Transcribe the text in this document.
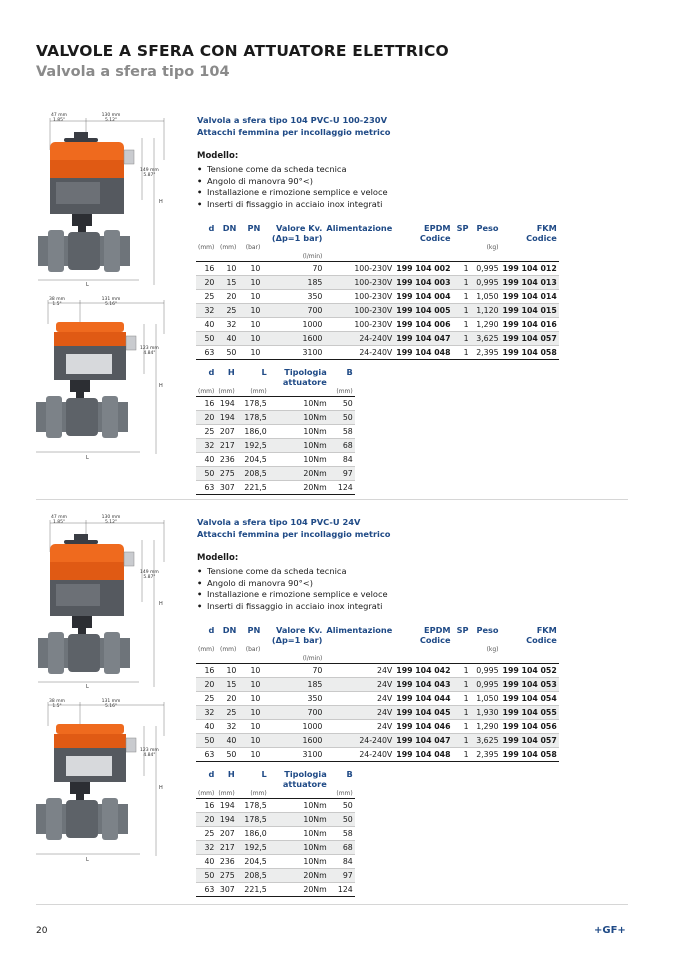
VALVOLE A SFERA CON ATTUATORE ELETTRICO
Valvola a sfera tipo 104
47 mm
1.85"
130 mm
5.12"
38 mm
1.5"
131 mm
5.16"
149 mm
5.87"
123 mm
4.84"
H
H
L
L
Valvola a sfera tipo 104 PVC-U 100-230V
Attacchi femmina per incollaggio metrico
Modello:
• Tensione come da scheda tecnica
• Angolo di manovra 90°<)
• Installazione e rimozione semplice e veloce
• Inserti di fissaggio in acciaio inox integrati
d	DN	PN	Valore Kv.	Alimentazione	EPDM	SP	Peso	FKM
			(Δp=1 bar)		Codice			Codice
(mm)	(mm)	(bar)					(kg)	
			(l/min)					
16	10	10	70	100-230V	199 104 002	1	0,995	199 104 012
20	15	10	185	100-230V	199 104 003	1	0,995	199 104 013
25	20	10	350	100-230V	199 104 004	1	1,050	199 104 014
32	25	10	700	100-230V	199 104 005	1	1,120	199 104 015
40	32	10	1000	100-230V	199 104 006	1	1,290	199 104 016
50	40	10	1600	24-240V	199 104 047	1	3,625	199 104 057
63	50	10	3100	24-240V	199 104 048	1	2,395	199 104 058
d	H	L	Tipologia	B
			attuatore	
(mm)	(mm)	(mm)		(mm)
16	194	178,5	10Nm	50
20	194	178,5	10Nm	50
25	207	186,0	10Nm	58
32	217	192,5	10Nm	68
40	236	204,5	10Nm	84
50	275	208,5	20Nm	97
63	307	221,5	20Nm	124
47 mm
1.85"
130 mm
5.12"
38 mm
1.5"
131 mm
5.16"
149 mm
5.87"
123 mm
4.84"
H
H
L
L
Valvola a sfera tipo 104 PVC-U 24V
Attacchi femmina per incollaggio metrico
Modello:
• Tensione come da scheda tecnica
• Angolo di manovra 90°<)
• Installazione e rimozione semplice e veloce
• Inserti di fissaggio in acciaio inox integrati
d	DN	PN	Valore Kv.	Alimentazione	EPDM	SP	Peso	FKM
			(Δp=1 bar)		Codice			Codice
(mm)	(mm)	(bar)					(kg)	
			(l/min)					
16	10	10	70	24V	199 104 042	1	0,995	199 104 052
20	15	10	185	24V	199 104 043	1	0,995	199 104 053
25	20	10	350	24V	199 104 044	1	1,050	199 104 054
32	25	10	700	24V	199 104 045	1	1,930	199 104 055
40	32	10	1000	24V	199 104 046	1	1,290	199 104 056
50	40	10	1600	24-240V	199 104 047	1	3,625	199 104 057
63	50	10	3100	24-240V	199 104 048	1	2,395	199 104 058
d	H	L	Tipologia	B
			attuatore	
(mm)	(mm)	(mm)		(mm)
16	194	178,5	10Nm	50
20	194	178,5	10Nm	50
25	207	186,0	10Nm	58
32	217	192,5	10Nm	68
40	236	204,5	10Nm	84
50	275	208,5	20Nm	97
63	307	221,5	20Nm	124
20	+GF+
